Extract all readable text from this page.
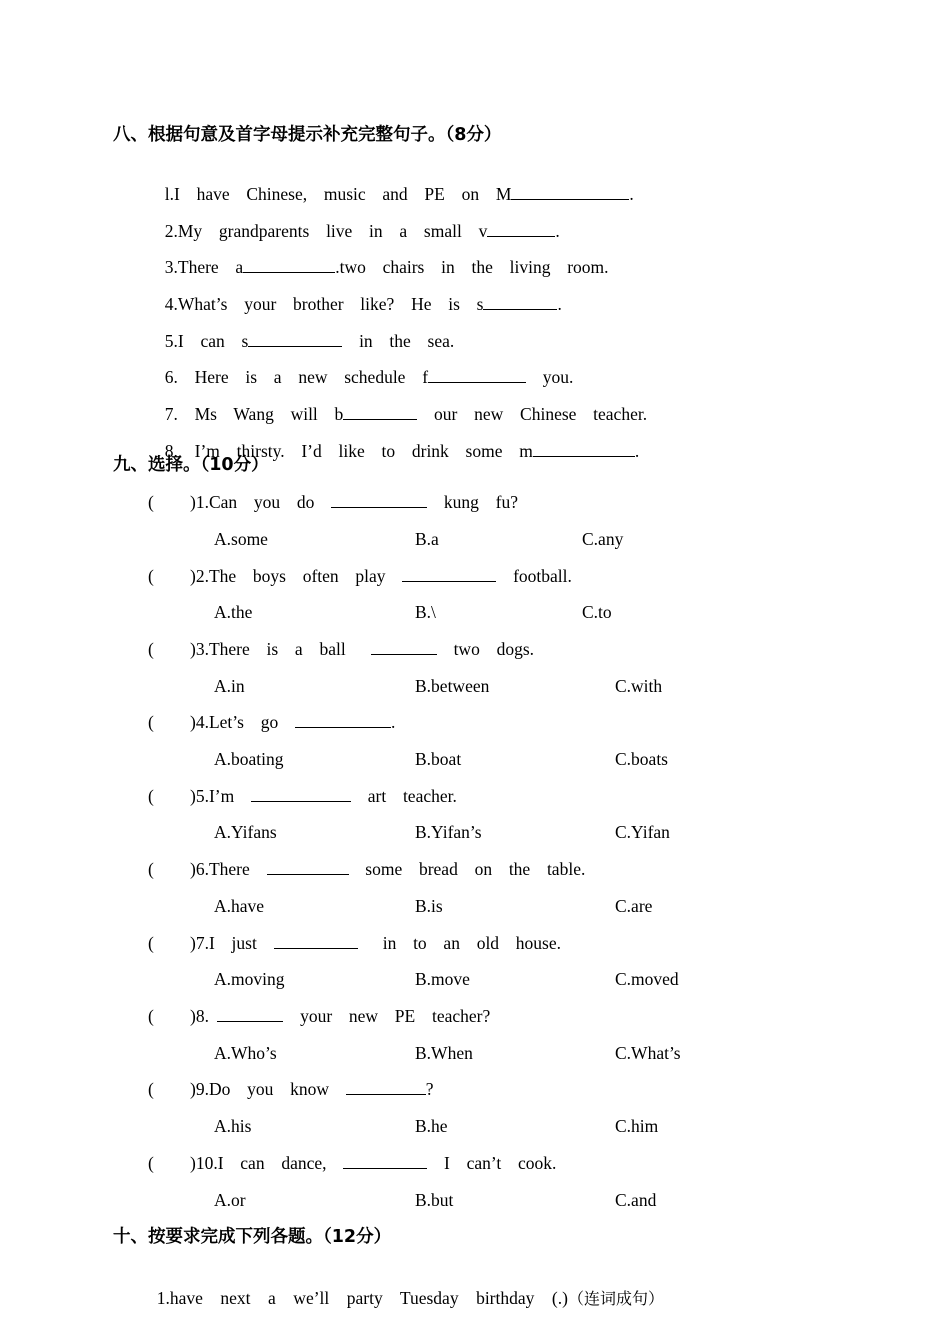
八、根据句意及首字母提示补充完整句子。（8分）

l.I  have  Chinese,  music  and  PE  on  M	.

2.My  grandparents  live  in  a  small  v	.

3.There  a	.two  chairs  in  the  living  room.

4.What’s  your  brother  like?  He  is  s	.

5.I  can  s	in  the  sea.

6.  Here  is  a  new  schedule  f	you.

7.  Ms  Wang  will  b	our  new  Chinese  teacher.

8.  I’m  thirsty.  I’d  like  to  drink  some  m	.

九、选择。（10分）
( )1.Can  you  do	kung  fu?
A.some	B.a	C.any
( )2.The  boys  often  play	football.
A.the	B.\	C.to
( )3.There  is  a  ball	two  dogs.
A.in	B.between	C.with
( )4.Let’s  go	.
A.boating	B.boat	C.boats
( )5.I’m	art  teacher.
A.Yifans	B.Yifan’s	C.Yifan
( )6.There	some  bread  on  the  table.
A.have	B.is	C.are
( )7.I  just	in  to  an  old  house.
A.moving	B.move	C.moved
( )8.	your  new  PE  teacher?
A.Who’s	B.When	C.What’s
( )9.Do  you  know	?
A.his	B.he	C.him
( )10.I  can  dance,	I  can’t  cook.
A.or	B.but	C.and
十、按要求完成下列各题。（12分）

1.have    next    a    we’ll    party    Tuesday    birthday    (.)（连词成句）
